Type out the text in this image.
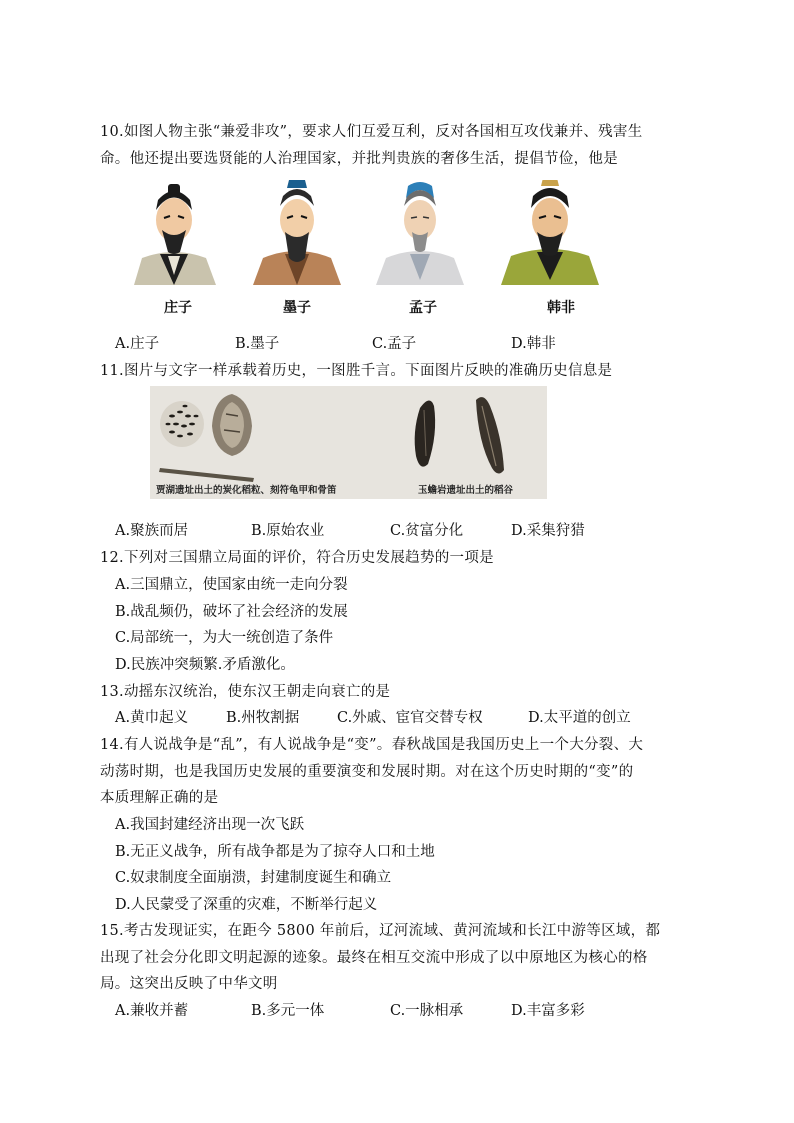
10.如图人物主张“兼爱非攻”，要求人们互爱互利，反对各国相互攻伐兼并、残害生
命。他还提出要选贤能的人治理国家，并批判贵族的奢侈生活，提倡节俭，他是
庄子	墨子	孟子	韩非
A.庄子	B.墨子	C.孟子	D.韩非
11.图片与文字一样承载着历史，一图胜千言。下面图片反映的准确历史信息是
贾湖遗址出土的炭化稻粒、刻符龟甲和骨笛	玉蟾岩遗址出土的稻谷
A.聚族而居	B.原始农业	C.贫富分化	D.采集狩猎
12.下列对三国鼎立局面的评价，符合历史发展趋势的一项是
A.三国鼎立，使国家由统一走向分裂
B.战乱频仍，破坏了社会经济的发展
C.局部统一，为大一统创造了条件
D.民族冲突频繁.矛盾激化。
13.动摇东汉统治，使东汉王朝走向衰亡的是
A.黄巾起义	B.州牧割据	C.外戚、宦官交替专权	D.太平道的创立
14.有人说战争是“乱”，有人说战争是“变”。春秋战国是我国历史上一个大分裂、大
动荡时期，也是我国历史发展的重要演变和发展时期。对在这个历史时期的“变”的
本质理解正确的是
A.我国封建经济出现一次飞跃
B.无正义战争，所有战争都是为了掠夺人口和土地
C.奴隶制度全面崩溃，封建制度诞生和确立
D.人民蒙受了深重的灾难，不断举行起义
15.考古发现证实，在距今 5800 年前后，辽河流域、黄河流域和长江中游等区域，都
出现了社会分化即文明起源的迹象。最终在相互交流中形成了以中原地区为核心的格
局。这突出反映了中华文明
A.兼收并蓄	B.多元一体	C.一脉相承	D.丰富多彩
